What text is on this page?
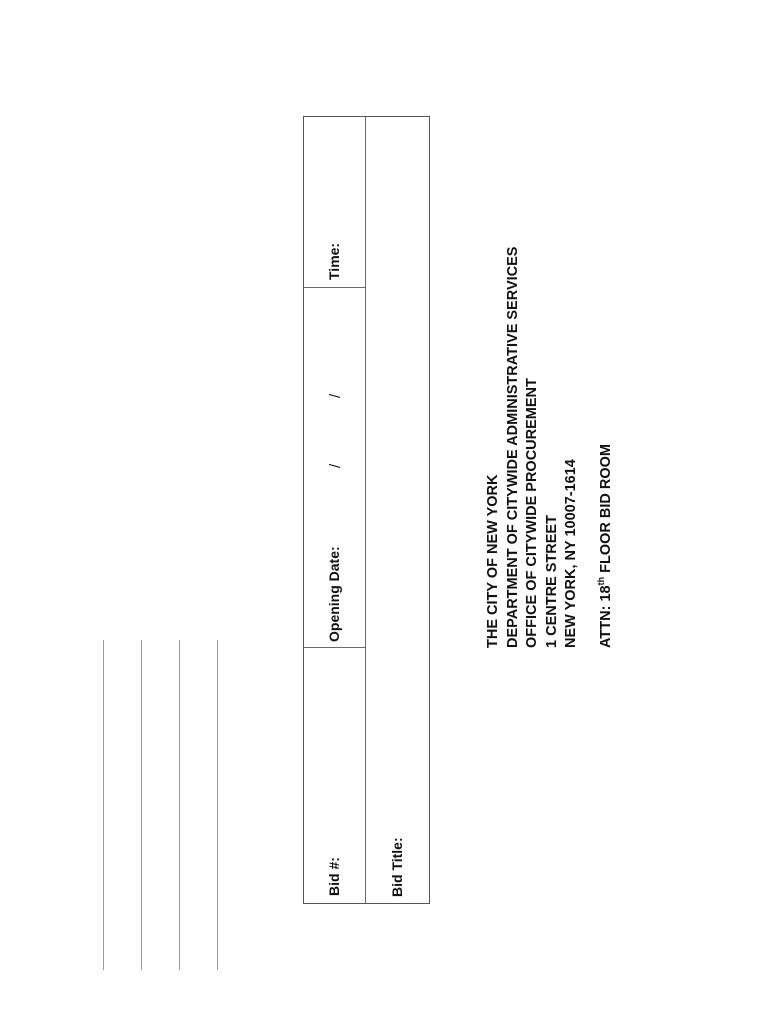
Bid #:
Opening Date:
/
/
Time:
Bid Title:
THE CITY OF NEW YORK DEPARTMENT OF CITYWIDE ADMINISTRATIVE SERVICES OFFICE OF CITYWIDE PROCUREMENT 1 CENTRE STREET NEW YORK, NY 10007-1614 ATTN: 18th FLOOR BID ROOM
